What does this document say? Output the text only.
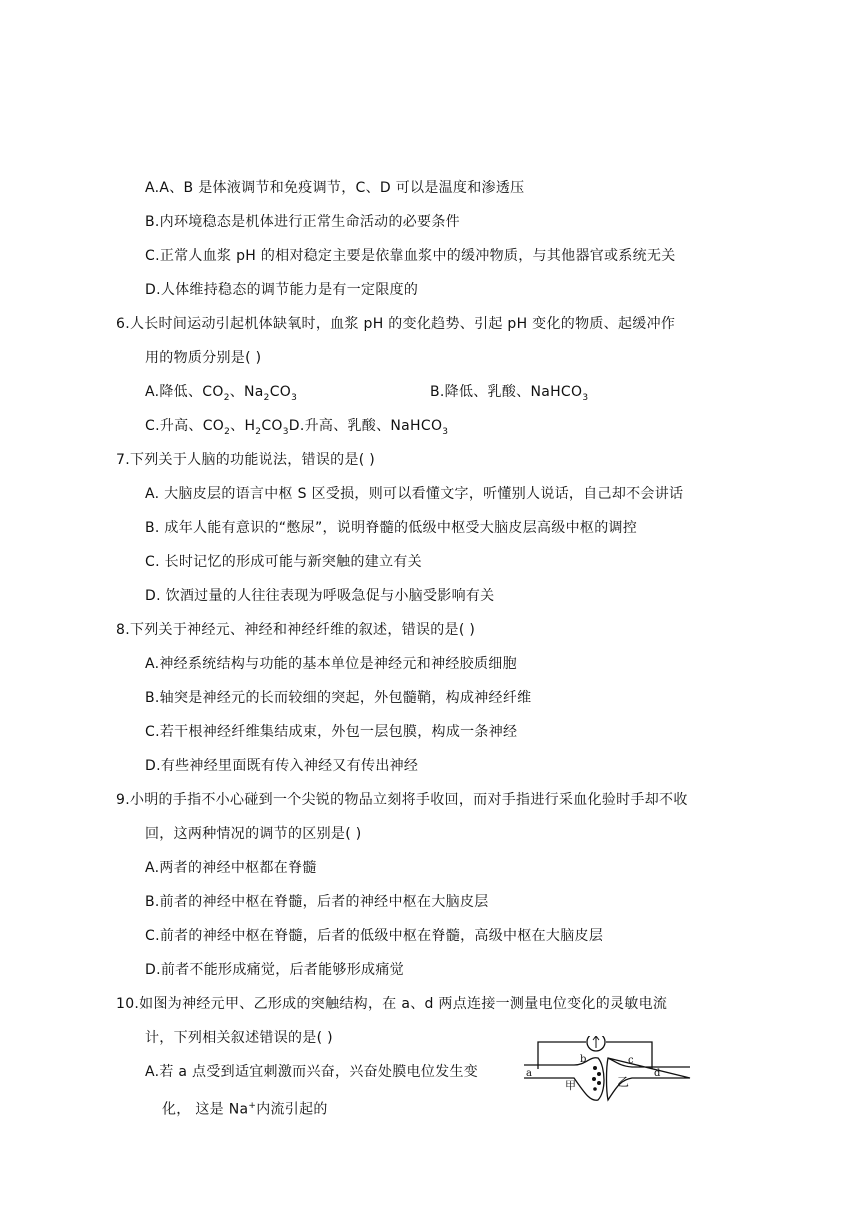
A.A、B 是体液调节和免疫调节，C、D 可以是温度和渗透压
B.内环境稳态是机体进行正常生命活动的必要条件
C.正常人血浆 pH 的相对稳定主要是依靠血浆中的缓冲物质，与其他器官或系统无关
D.人体维持稳态的调节能力是有一定限度的
6.人长时间运动引起机体缺氧时，血浆 pH 的变化趋势、引起 pH 变化的物质、起缓冲作
用的物质分别是( )
A.降低、$CO_2$、$Na_2CO_3$	B.降低、乳酸、NaHCO$_3$
C.升高、$CO_2$、$H_2CO_3D$.升高、乳酸、NaHCO$_3$
7.下列关于人脑的功能说法，错误的是( )
A. 大脑皮层的语言中枢 S 区受损，则可以看懂文字，听懂别人说话，自己却不会讲话
B. 成年人能有意识的“憋尿”，说明脊髓的低级中枢受大脑皮层高级中枢的调控
C. 长时记忆的形成可能与新突触的建立有关
D. 饮酒过量的人往往表现为呼吸急促与小脑受影响有关
8.下列关于神经元、神经和神经纤维的叙述，错误的是( )
A.神经系统结构与功能的基本单位是神经元和神经胶质细胞
B.轴突是神经元的长而较细的突起，外包髓鞘，构成神经纤维
C.若干根神经纤维集结成束，外包一层包膜，构成一条神经
D.有些神经里面既有传入神经又有传出神经
9.小明的手指不小心碰到一个尖锐的物品立刻将手收回，而对手指进行采血化验时手却不收
回，这两种情况的调节的区别是( )
A.两者的神经中枢都在脊髓
B.前者的神经中枢在脊髓，后者的神经中枢在大脑皮层
C.前者的神经中枢在脊髓，后者的低级中枢在脊髓，高级中枢在大脑皮层
D.前者不能形成痛觉，后者能够形成痛觉
10.如图为神经元甲、乙形成的突触结构，在 a、d 两点连接一测量电位变化的灵敏电流
计，下列相关叙述错误的是( )
A.若 a 点受到适宜刺激而兴奋，兴奋处膜电位发生变
化， 这是 Na+内流引起的
a
b	c
d
甲	乙
